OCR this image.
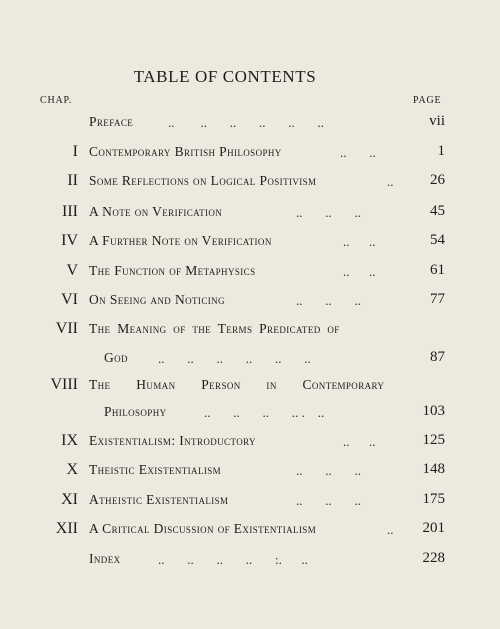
TABLE OF CONTENTS
CHAP.	PAGE
Preface	..        ..       ..       ..       ..       ..	vii
I Contemporary British Philosophy	..       ..	1
II Some Reflections on Logical Positivism	..	26
III A Note on Verification	..       ..       ..	45
IV A Further Note on Verification	..      ..	54
V The Function of Metaphysics	..      ..	61
VI On Seeing and Noticing	..       ..       ..	77
VII The Meaning of the Terms Predicated of
God ..       ..       ..       ..       ..       ..	87
VIII The Human Person in Contemporary
Philosophy	..       ..       ..       .. .    ..	103
IX Existentialism: Introductory	..      ..	125
X Theistic Existentialism	..       ..       ..	148
XI Atheistic Existentialism	..       ..       ..	175
XII A Critical Discussion of Existentialism	..	201
Index	..       ..       ..       ..       :.      ..	228
